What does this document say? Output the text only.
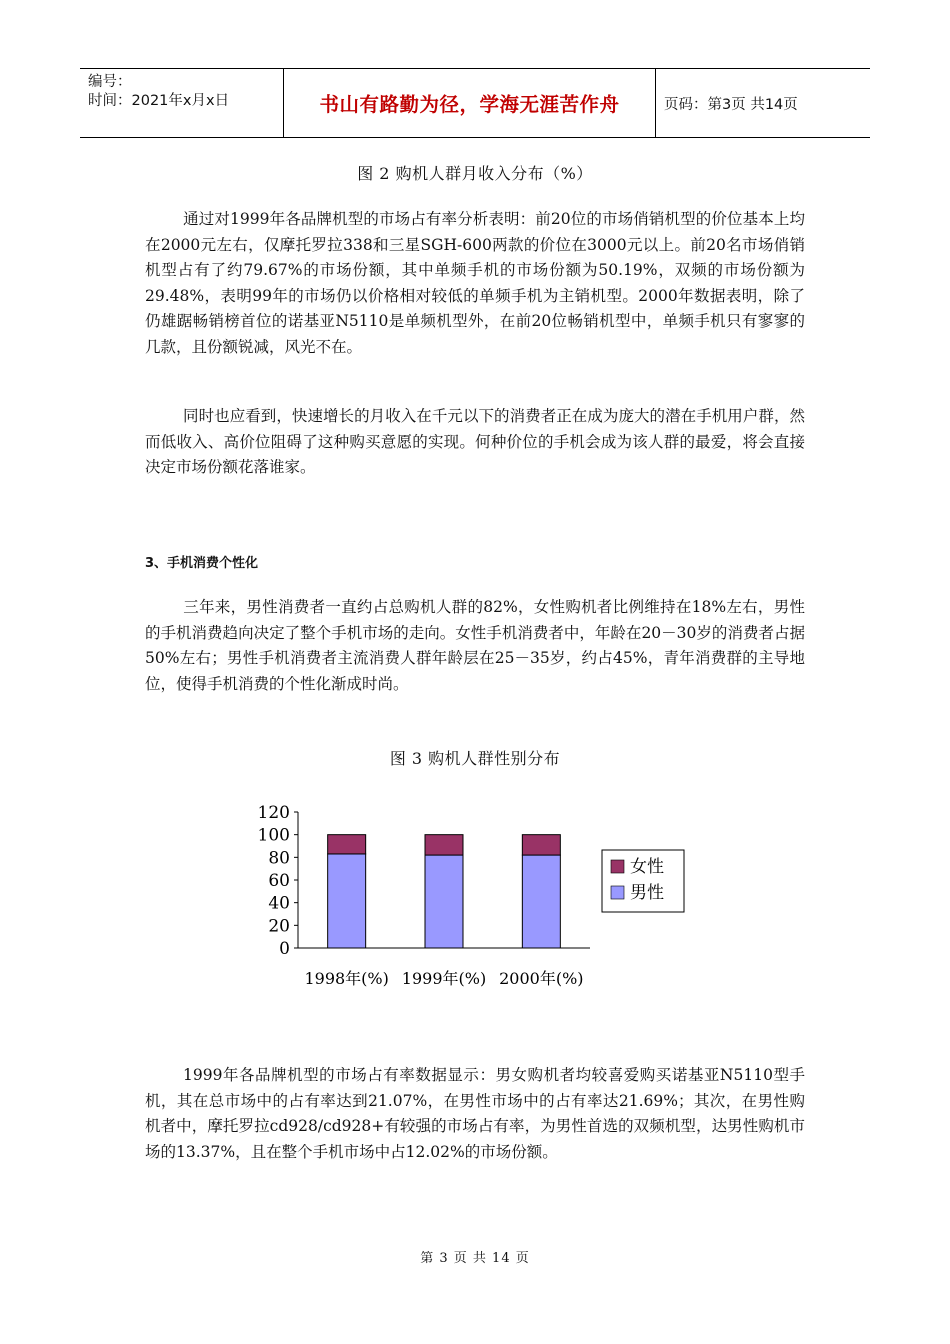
编号：
时间：2021年x月x日	书山有路勤为径，学海无涯苦作舟	页码：第3页 共14页
图 2 购机人群月收入分布（%）
通过对1999年各品牌机型的市场占有率分析表明：前20位的市场俏销机型的价位基本上均在2000元左右，仅摩托罗拉338和三星SGH-600两款的价位在3000元以上。前20名市场俏销机型占有了约79.67%的市场份额，其中单频手机的市场份额为50.19%，双频的市场份额为29.48%，表明99年的市场仍以价格相对较低的单频手机为主销机型。2000年数据表明，除了仍雄踞畅销榜首位的诺基亚N5110是单频机型外，在前20位畅销机型中，单频手机只有寥寥的几款，且份额锐减，风光不在。
同时也应看到，快速增长的月收入在千元以下的消费者正在成为庞大的潜在手机用户群，然而低收入、高价位阻碍了这种购买意愿的实现。何种价位的手机会成为该人群的最爱，将会直接决定市场份额花落谁家。
3、手机消费个性化
三年来，男性消费者一直约占总购机人群的82%，女性购机者比例维持在18%左右，男性的手机消费趋向决定了整个手机市场的走向。女性手机消费者中，年龄在20－30岁的消费者占据50%左右；男性手机消费者主流消费人群年龄层在25－35岁，约占45%，青年消费群的主导地位，使得手机消费的个性化渐成时尚。
图 3 购机人群性别分布
0
20
40
60
80
100
120
1998年(%) 1999年(%) 2000年(%)
女性
男性
1999年各品牌机型的市场占有率数据显示：男女购机者均较喜爱购买诺基亚N5110型手机，其在总市场中的占有率达到21.07%，在男性市场中的占有率达21.69%；其次，在男性购机者中，摩托罗拉cd928/cd928+有较强的市场占有率，为男性首选的双频机型，达男性购机市场的13.37%，且在整个手机市场中占12.02%的市场份额。
第 3 页 共 14 页
